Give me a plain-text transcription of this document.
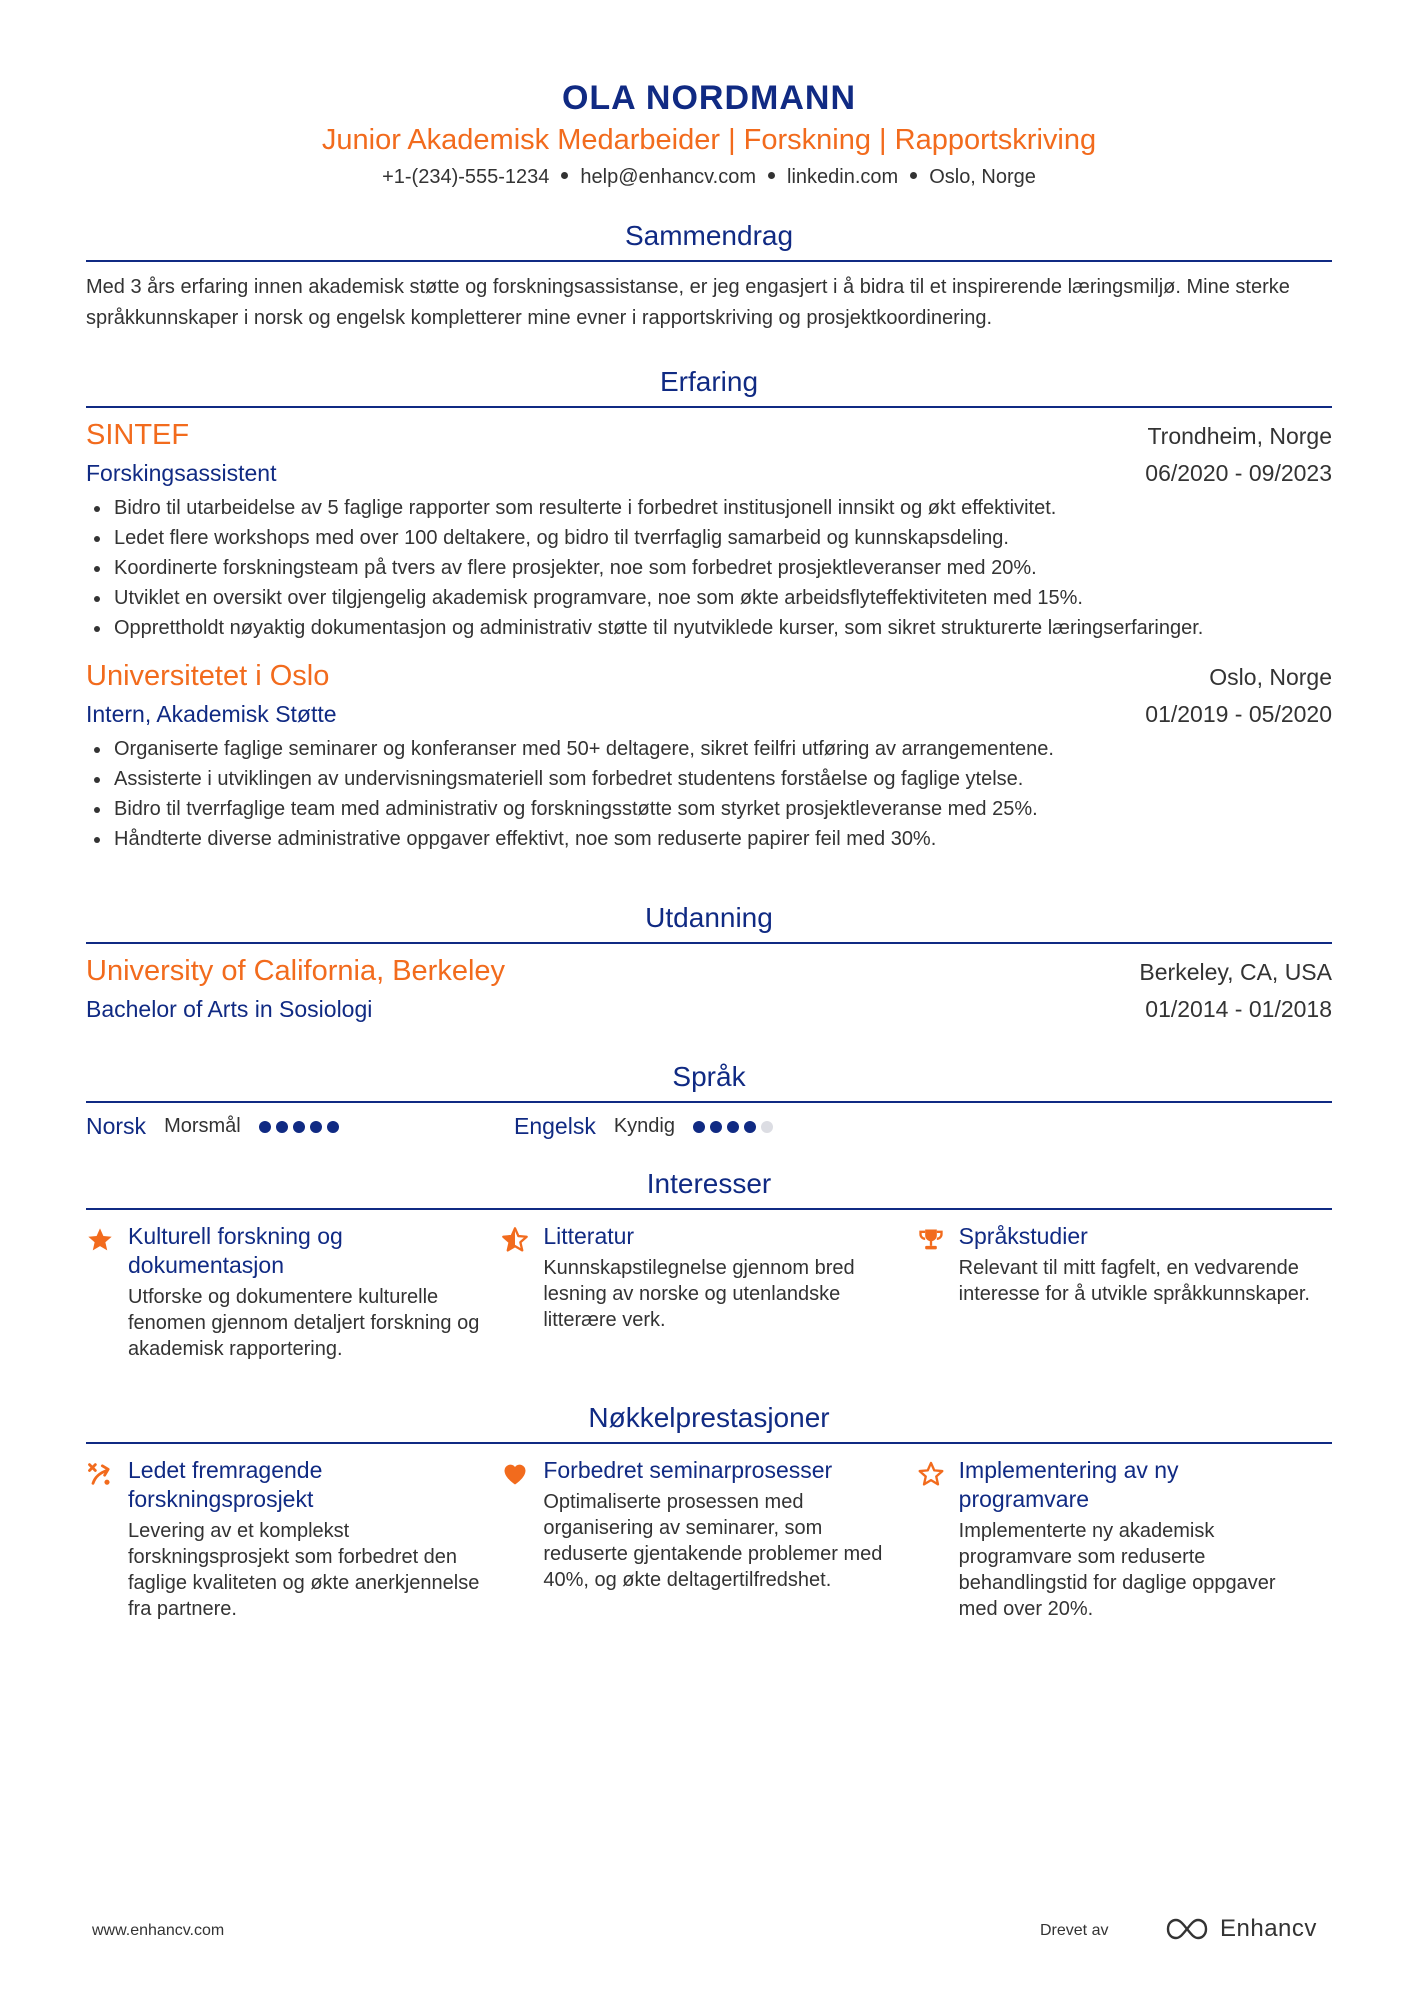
OLA NORDMANN
Junior Akademisk Medarbeider | Forskning | Rapportskriving
+1-(234)-555-1234 help@enhancv.com linkedin.com Oslo, Norge
Sammendrag
Med 3 års erfaring innen akademisk støtte og forskningsassistanse, er jeg engasjert i å bidra til et inspirerende læringsmiljø. Mine sterke språkkunnskaper i norsk og engelsk kompletterer mine evner i rapportskriving og prosjektkoordinering.
Erfaring
SINTEF	Trondheim, Norge
Forskingsassistent	06/2020 - 09/2023
Bidro til utarbeidelse av 5 faglige rapporter som resulterte i forbedret institusjonell innsikt og økt effektivitet.
Ledet flere workshops med over 100 deltakere, og bidro til tverrfaglig samarbeid og kunnskapsdeling.
Koordinerte forskningsteam på tvers av flere prosjekter, noe som forbedret prosjektleveranser med 20%.
Utviklet en oversikt over tilgjengelig akademisk programvare, noe som økte arbeidsflyteffektiviteten med 15%.
Opprettholdt nøyaktig dokumentasjon og administrativ støtte til nyutviklede kurser, som sikret strukturerte læringserfaringer.
Universitetet i Oslo	Oslo, Norge
Intern, Akademisk Støtte	01/2019 - 05/2020
Organiserte faglige seminarer og konferanser med 50+ deltagere, sikret feilfri utføring av arrangementene.
Assisterte i utviklingen av undervisningsmateriell som forbedret studentens forståelse og faglige ytelse.
Bidro til tverrfaglige team med administrativ og forskningsstøtte som styrket prosjektleveranse med 25%.
Håndterte diverse administrative oppgaver effektivt, noe som reduserte papirer feil med 30%.
Utdanning
University of California, Berkeley	Berkeley, CA, USA
Bachelor of Arts in Sosiologi	01/2014 - 01/2018
Språk
Norsk Morsmål	Engelsk Kyndig
Interesser
Kulturell forskning og dokumentasjon
Utforske og dokumentere kulturelle fenomen gjennom detaljert forskning og akademisk rapportering.
Litteratur
Kunnskapstilegnelse gjennom bred lesning av norske og utenlandske litterære verk.
Språkstudier
Relevant til mitt fagfelt, en vedvarende interesse for å utvikle språkkunnskaper.
Nøkkelprestasjoner
Ledet fremragende forskningsprosjekt
Levering av et komplekst forskningsprosjekt som forbedret den faglige kvaliteten og økte anerkjennelse fra partnere.
Forbedret seminarprosesser
Optimaliserte prosessen med organisering av seminarer, som reduserte gjentakende problemer med 40%, og økte deltagertilfredshet.
Implementering av ny programvare
Implementerte ny akademisk programvare som reduserte behandlingstid for daglige oppgaver med over 20%.
www.enhancv.com	Drevet av	Enhancv
